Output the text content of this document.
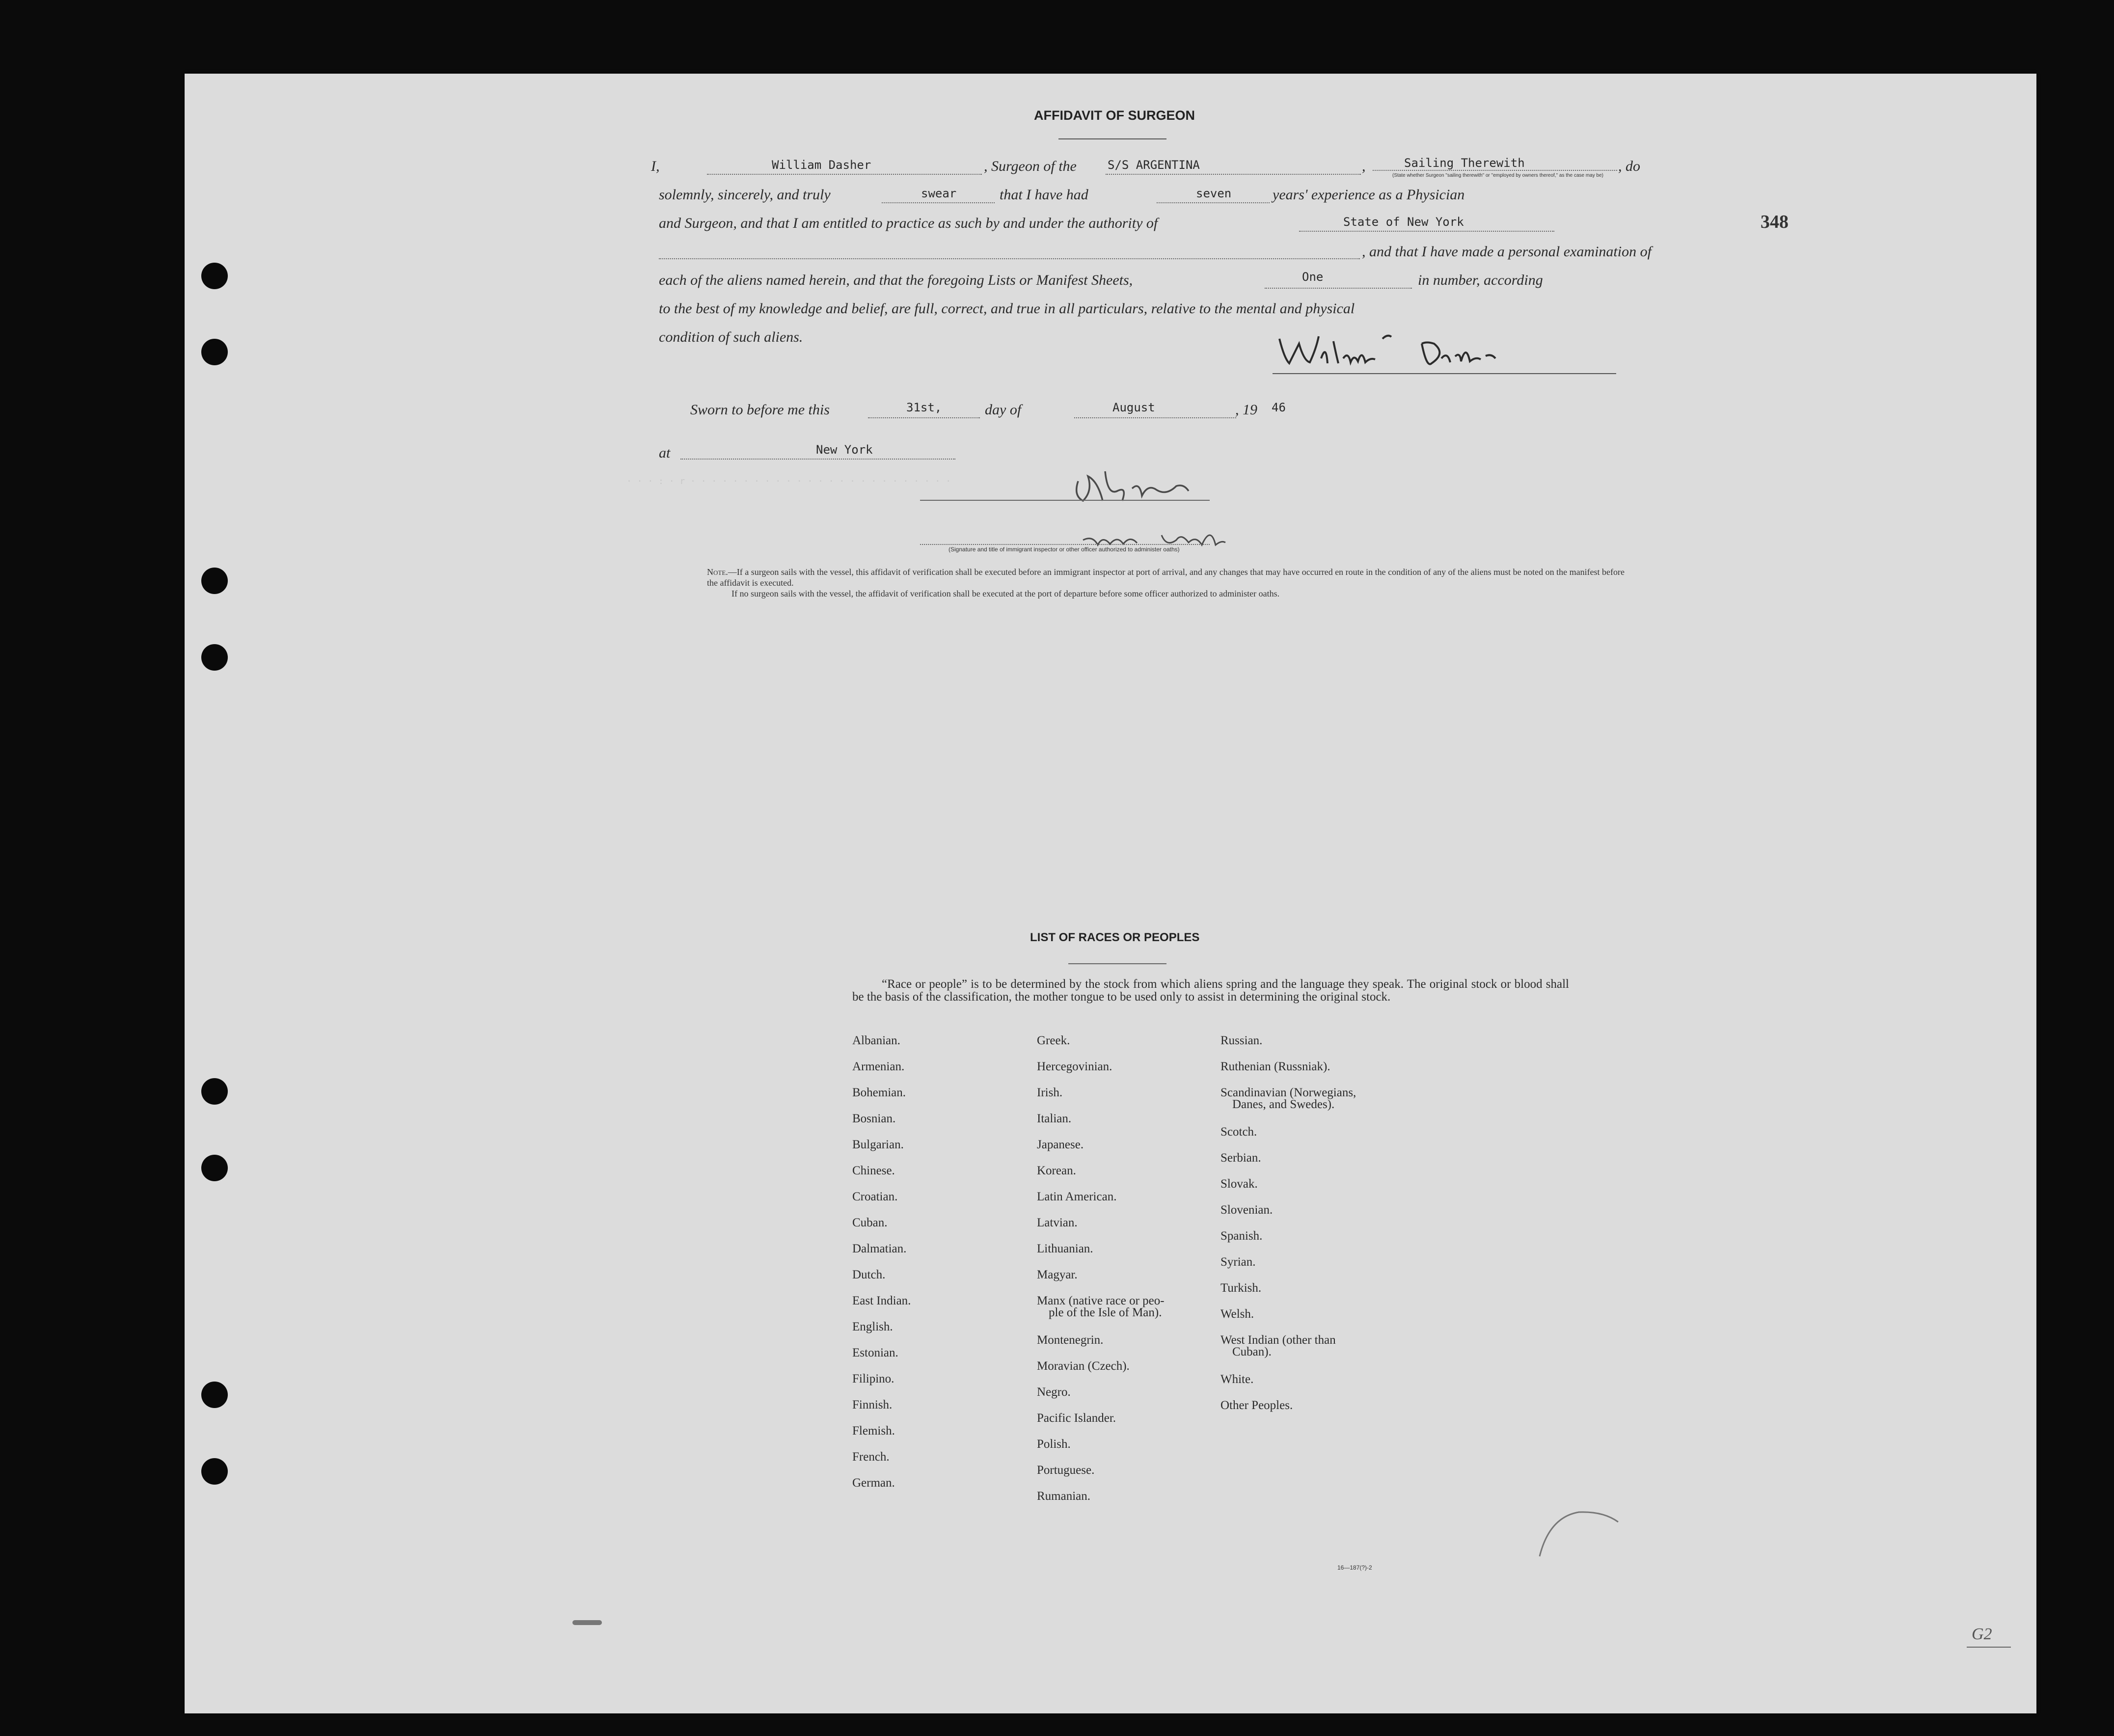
AFFIDAVIT OF SURGEON
348
I,	William Dasher	, Surgeon of the	S/S ARGENTINA	,	Sailing Therewith
(State whether Surgeon "sailing therewith" or "employed by owners thereof," as the case may be)
, do
solemnly, sincerely, and truly	swear	that I have had	seven	years' experience as a Physician
and Surgeon, and that I am entitled to practice as such by and under the authority of	State of New York
, and that I have made a personal examination of
each of the aliens named herein, and that the foregoing Lists or Manifest Sheets,	One	in number, according
to the best of my knowledge and belief, are full, correct, and true in all particulars, relative to the mental and physical
condition of such aliens.
Sworn to before me this	31st,	day of	August	, 19 46
at	New York
(Signature and title of immigrant inspector or other officer authorized to administer oaths)
Note.—If a surgeon sails with the vessel, this affidavit of verification shall be executed before an immigrant inspector at port of arrival, and any changes that may have occurred en route in the condition of any of the aliens must be noted on the manifest before the affidavit is executed.
If no surgeon sails with the vessel, the affidavit of verification shall be executed at the port of departure before some officer authorized to administer oaths.
· · · : · r · · · · · · · · · · · · · · · · · · · · · · · · ·
LIST OF RACES OR PEOPLES
“Race or people” is to be determined by the stock from which aliens spring and the language they speak. The original stock or blood shall be the basis of the classification, the mother tongue to be used only to assist in determining the original stock.
Albanian.
Armenian.
Bohemian.
Bosnian.
Bulgarian.
Chinese.
Croatian.
Cuban.
Dalmatian.
Dutch.
East Indian.
English.
Estonian.
Filipino.
Finnish.
Flemish.
French.
German.
Greek.
Hercegovinian.
Irish.
Italian.
Japanese.
Korean.
Latin American.
Latvian.
Lithuanian.
Magyar.
Manx (native race or peo-
ple of the Isle of Man).
Montenegrin.
Moravian (Czech).
Negro.
Pacific Islander.
Polish.
Portuguese.
Rumanian.
Russian.
Ruthenian (Russniak).
Scandinavian (Norwegians,
Danes, and Swedes).
Scotch.
Serbian.
Slovak.
Slovenian.
Spanish.
Syrian.
Turkish.
Welsh.
West Indian (other than
Cuban).
White.
Other Peoples.
16—187(?)-2
G2
